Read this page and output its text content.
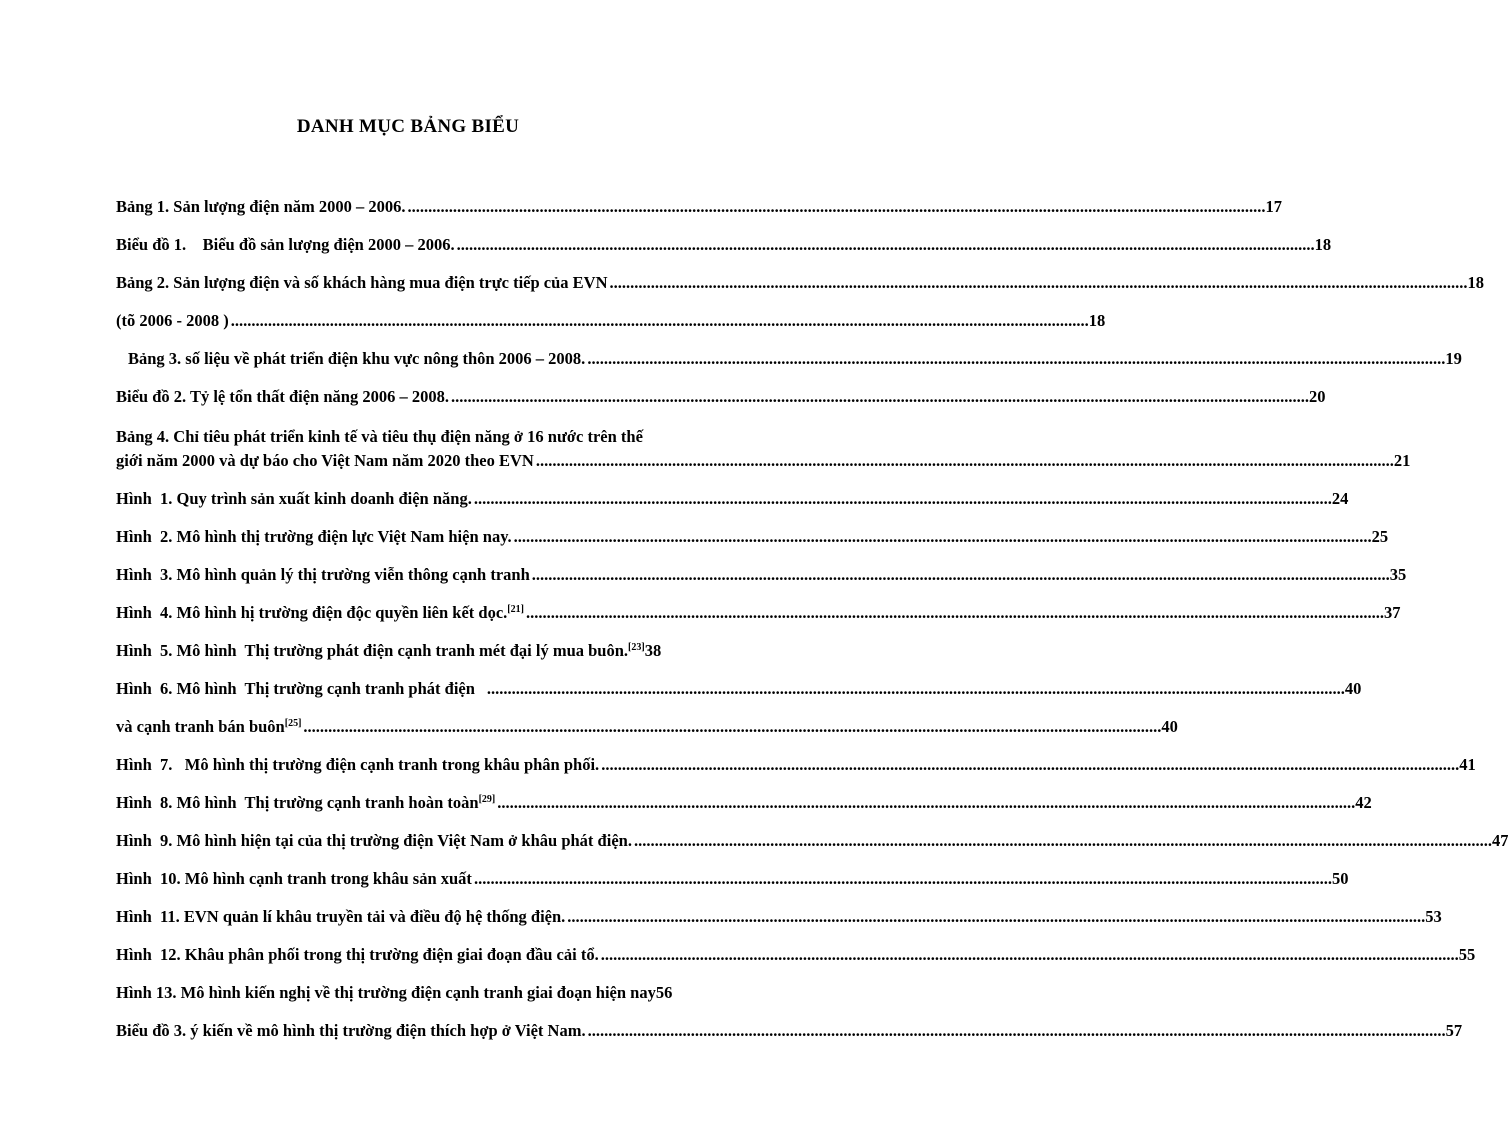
DANH MỤC BẢNG BIỂU
Bảng 1. Sản lượng điện năm 2000 – 2006. .....	17
Biểu đồ 1.    Biểu đồ sản lượng điện 2000 – 2006. .....	18
Bảng 2. Sản lượng điện và số khách hàng mua điện trực tiếp của EVN .....	18
(tõ 2006 - 2008 ) .....	18
Bảng 3. số liệu về phát triển điện khu vực nông thôn 2006 – 2008. .....	19
Biểu đồ 2. Tỷ lệ tổn thất điện năng 2006 – 2008. .....	20
Bảng 4. Chỉ tiêu phát triển kinh tế và tiêu thụ điện năng ở 16 nước trên thế
giới năm 2000 và dự báo cho Việt Nam năm 2020 theo EVN .....	21
Hình  1. Quy trình sản xuất kinh doanh điện năng. .....	24
Hình  2. Mô hình thị trường điện lực Việt Nam hiện nay. .....	25
Hình  3. Mô hình quản lý thị trường viễn thông cạnh tranh .....	35
Hình  4. Mô hình hị trường điện độc quyền liên kết dọc.[21] .....	37
Hình  5. Mô hình  Thị trường phát điện cạnh tranh mét đại lý mua buôn.[23] 38
Hình  6. Mô hình  Thị trường cạnh tranh phát điện .....	40
và cạnh tranh bán buôn[25] .....	40
Hình  7.   Mô hình thị trường điện cạnh tranh trong khâu phân phối. .....	41
Hình  8. Mô hình  Thị trường cạnh tranh hoàn toàn[29] .....	42
Hình  9. Mô hình hiện tại của thị trường điện Việt Nam ở khâu phát điện. .....	47
Hình  10. Mô hình cạnh tranh trong khâu sản xuất .....	50
Hình  11. EVN quản lí khâu truyền tải và điều độ hệ thống điện. .....	53
Hình  12. Khâu phân phối trong thị trường điện giai đoạn đầu cải tổ. .....	55
Hình 13. Mô hình kiến nghị về thị trường điện cạnh tranh giai đoạn hiện nay 56
Biểu đồ 3. ý kiến về mô hình thị trường điện thích hợp ở Việt Nam. .....	57
